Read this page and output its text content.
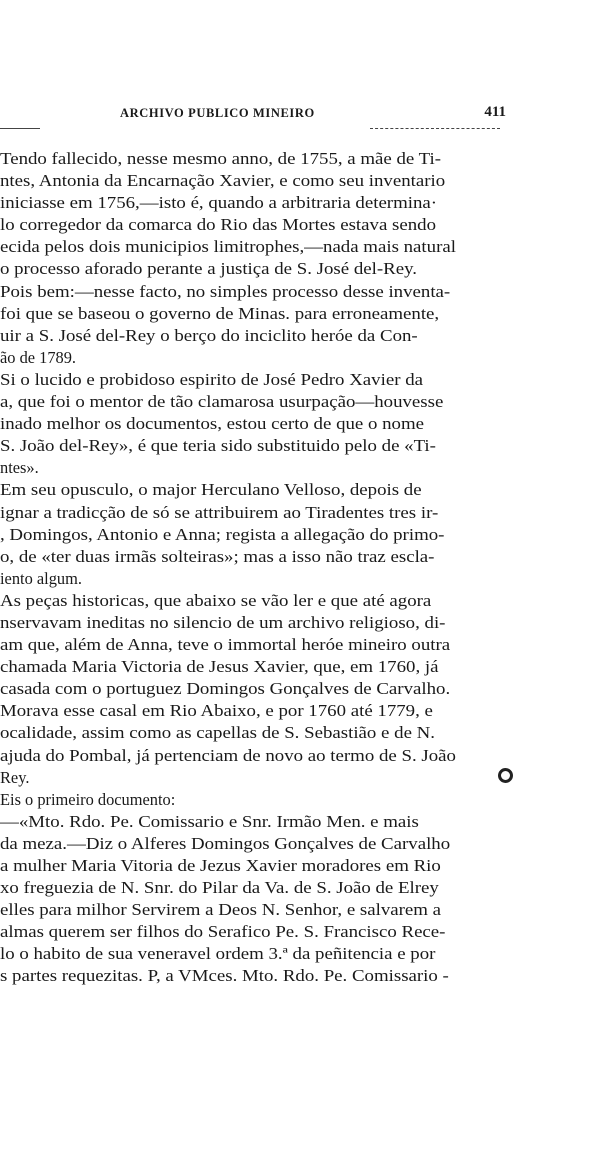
ARCHIVO PUBLICO MINEIRO	411
Tendo fallecido, nesse mesmo anno, de 1755, a mãe de Ti-
ntes, Antonia da Encarnação Xavier, e como seu inventario
iniciasse em 1756,—isto é, quando a arbitraria determina·
lo corregedor da comarca do Rio das Mortes estava sendo
ecida pelos dois municipios limitrophes,—nada mais natural
o processo aforado perante a justiça de S. José del-Rey.
Pois bem:—nesse facto, no simples processo desse inventa-
foi que se baseou o governo de Minas. para erroneamente,
uir a S. José del-Rey o berço do inciclito heróe da Con-
ão de 1789.
Si o lucido e probidoso espirito de José Pedro Xavier da
a, que foi o mentor de tão clamarosa usurpação—houvesse
inado melhor os documentos, estou certo de que o nome
S. João del-Rey», é que teria sido substituido pelo de «Ti-
ntes».
Em seu opusculo, o major Herculano Velloso, depois de
ignar a tradicção de só se attribuirem ao Tiradentes tres ir-
, Domingos, Antonio e Anna; regista a allegação do primo-
o, de «ter duas irmãs solteiras»; mas a isso não traz escla-
iento algum.
As peças historicas, que abaixo se vão ler e que até agora
nservavam ineditas no silencio de um archivo religioso, di-
am que, além de Anna, teve o immortal heróe mineiro outra
chamada Maria Victoria de Jesus Xavier, que, em 1760, já
casada com o portuguez Domingos Gonçalves de Carvalho.
Morava esse casal em Rio Abaixo, e por 1760 até 1779, e
ocalidade, assim como as capellas de S. Sebastião e de N.
ajuda do Pombal, já pertenciam de novo ao termo de S. João
Rey.
Eis o primeiro documento:
—«Mto. Rdo. Pe. Comissario e Snr. Irmão Men. e mais
da meza.—Diz o Alferes Domingos Gonçalves de Carvalho
a mulher Maria Vitoria de Jezus Xavier moradores em Rio
xo freguezia de N. Snr. do Pilar da Va. de S. João de Elrey
elles para milhor Servirem a Deos N. Senhor, e salvarem a
almas querem ser filhos do Serafico Pe. S. Francisco Rece-
lo o habito de sua veneravel ordem 3.ª da peñitencia e por
s partes requezitas. P, a VMces. Mto. Rdo. Pe. Comissario -
